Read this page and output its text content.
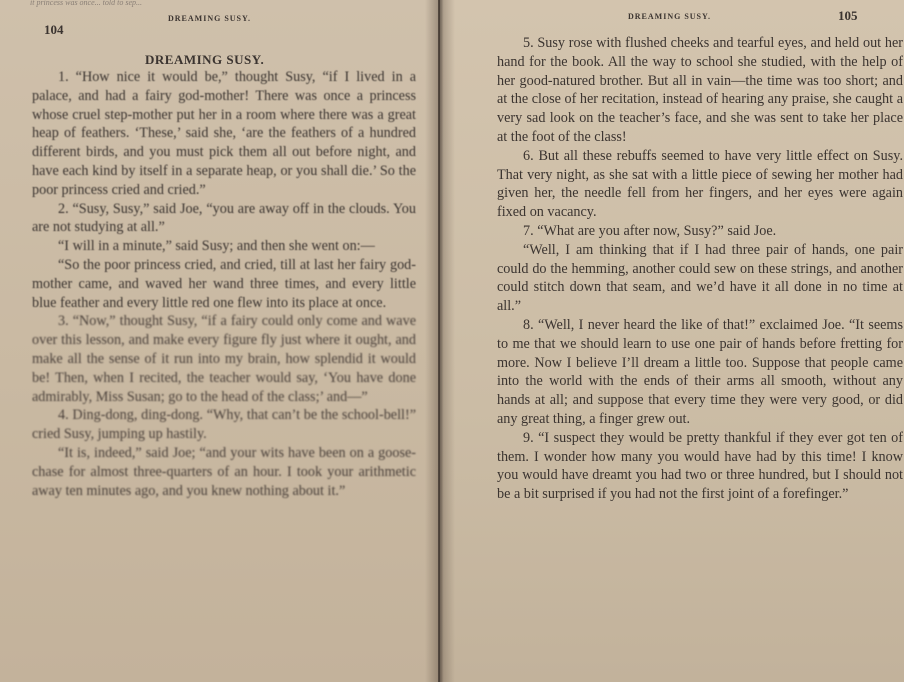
it princess was once... told to sep...
104
DREAMING SUSY.
DREAMING SUSY.

1. “How nice it would be,” thought Susy, “if I lived in a palace, and had a fairy god-mother! There was once a princess whose cruel step-mother put her in a room where there was a great heap of feathers. ‘These,’ said she, ‘are the feathers of a hundred different birds, and you must pick them all out before night, and have each kind by itself in a separate heap, or you shall die.’ So the poor princess cried and cried.”

2. “Susy, Susy,” said Joe, “you are away off in the clouds. You are not studying at all.”

“I will in a minute,” said Susy; and then she went on:—

“So the poor princess cried, and cried, till at last her fairy god-mother came, and waved her wand three times, and every little blue feather and every little red one flew into its place at once.

3. “Now,” thought Susy, “if a fairy could only come and wave over this lesson, and make every figure fly just where it ought, and make all the sense of it run into my brain, how splendid it would be! Then, when I recited, the teacher would say, ‘You have done admirably, Miss Susan; go to the head of the class;’ and—”

4. Ding-dong, ding-dong. “Why, that can’t be the school-bell!” cried Susy, jumping up hastily.

“It is, indeed,” said Joe; “and your wits have been on a goose-chase for almost three-quarters of an hour. I took your arithmetic away ten minutes ago, and you knew nothing about it.”

DREAMING SUSY.	105

5. Susy rose with flushed cheeks and tearful eyes, and held out her hand for the book. All the way to school she studied, with the help of her good-natured brother. But all in vain—the time was too short; and at the close of her recitation, instead of hearing any praise, she caught a very sad look on the teacher’s face, and she was sent to take her place at the foot of the class!

6. But all these rebuffs seemed to have very little effect on Susy. That very night, as she sat with a little piece of sewing her mother had given her, the needle fell from her fingers, and her eyes were again fixed on vacancy.

7. “What are you after now, Susy?” said Joe.

“Well, I am thinking that if I had three pair of hands, one pair could do the hemming, another could sew on these strings, and another could stitch down that seam, and we’d have it all done in no time at all.”

8. “Well, I never heard the like of that!” exclaimed Joe. “It seems to me that we should learn to use one pair of hands before fretting for more. Now I believe I’ll dream a little too. Suppose that people came into the world with the ends of their arms all smooth, without any hands at all; and suppose that every time they were very good, or did any great thing, a finger grew out.

9. “I suspect they would be pretty thankful if they ever got ten of them. I wonder how many you would have had by this time! I know you would have dreamt you had two or three hundred, but I should not be a bit surprised if you had not the first joint of a forefinger.”
